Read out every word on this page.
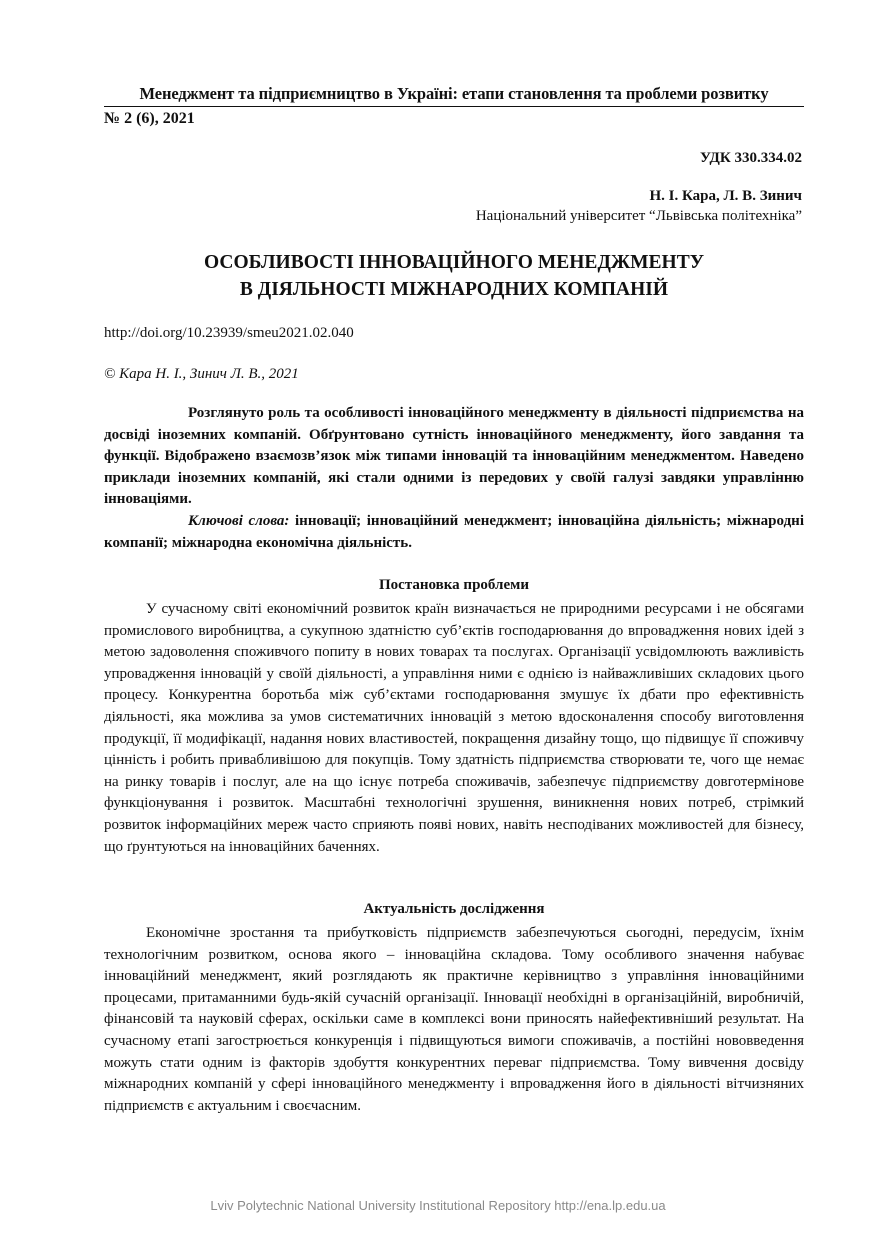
Менеджмент та підприємництво в Україні: етапи становлення та проблеми розвитку
№ 2 (6), 2021
УДК 330.334.02
Н. І. Кара, Л. В. Зинич
Національний університет “Львівська політехніка”
ОСОБЛИВОСТІ ІННОВАЦІЙНОГО МЕНЕДЖМЕНТУ
В ДІЯЛЬНОСТІ МІЖНАРОДНИХ КОМПАНІЙ
http://doi.org/10.23939/smeu2021.02.040
© Кара Н. І., Зинич Л. В., 2021

Розглянуто роль та особливості інноваційного менеджменту в діяльності підприємства на досвіді іноземних компаній. Обґрунтовано сутність інноваційного менеджменту, його завдання та функції. Відображено взаємозв’язок між типами інновацій та інноваційним менеджментом. Наведено приклади іноземних компаній, які стали одними із передових у своїй галузі завдяки управлінню інноваціями.

Ключові слова: інновації; інноваційний менеджмент; інноваційна діяльність; міжнародні компанії; міжнародна економічна діяльність.

Постановка проблеми

У сучасному світі економічний розвиток країн визначається не природними ресурсами і не обсягами промислового виробництва, а сукупною здатністю суб’єктів господарювання до впровадження нових ідей з метою задоволення споживчого попиту в нових товарах та послугах. Організації усвідомлюють важливість упровадження інновацій у своїй діяльності, а управління ними є однією із найважливіших складових цього процесу. Конкурентна боротьба між суб’єктами господарювання змушує їх дбати про ефективність діяльності, яка можлива за умов систематичних інновацій з метою вдосконалення способу виготовлення продукції, її модифікації, надання нових властивостей, покращення дизайну тощо, що підвищує її споживчу цінність і робить привабливішою для покупців. Тому здатність підприємства створювати те, чого ще немає на ринку товарів і послуг, але на що існує потреба споживачів, забезпечує підприємству довготермінове функціонування і розвиток. Масштабні технологічні зрушення, виникнення нових потреб, стрімкий розвиток інформаційних мереж часто сприяють появі нових, навіть несподіваних можливостей для бізнесу, що ґрунтуються на інноваційних баченнях.

Актуальність дослідження

Економічне зростання та прибутковість підприємств забезпечуються сьогодні, передусім, їхнім технологічним розвитком, основа якого – інноваційна складова. Тому особливого значення набуває інноваційний менеджмент, який розглядають як практичне керівництво з управління інноваційними процесами, притаманними будь-якій сучасній організації. Інновації необхідні в організаційній, виробничій, фінансовій та науковій сферах, оскільки саме в комплексі вони приносять найефективніший результат. На сучасному етапі загострюється конкуренція і підвищуються вимоги споживачів, а постійні нововведення можуть стати одним із факторів здобуття конкурентних переваг підприємства. Тому вивчення досвіду міжнародних компаній у сфері інноваційного менеджменту і впровадження його в діяльності вітчизняних підприємств є актуальним і своєчасним.

Lviv Polytechnic National University Institutional Repository http://ena.lp.edu.ua
